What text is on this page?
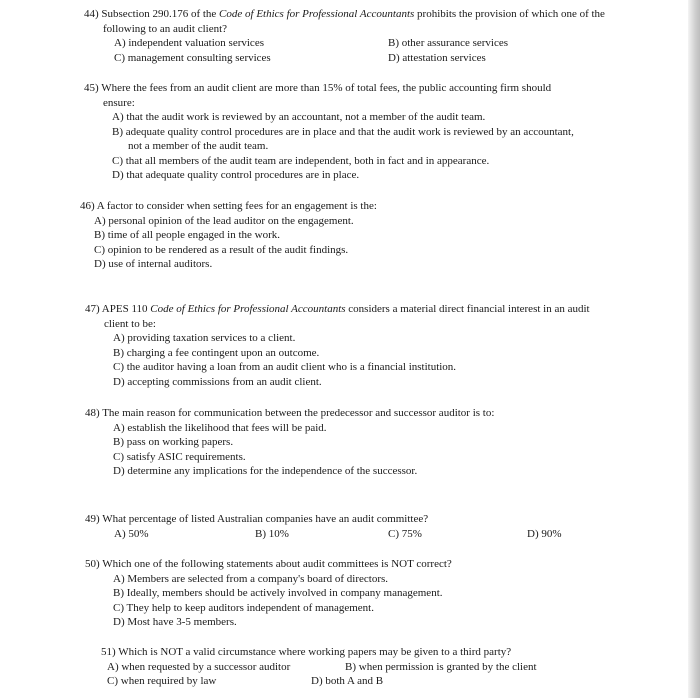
44) Subsection 290.176 of the Code of Ethics for Professional Accountants prohibits the provision of which one of the
following to an audit client?
A) independent valuation services	B) other assurance services
C) management consulting services	D) attestation services
45) Where the fees from an audit client are more than 15% of total fees, the public accounting firm should
ensure:
A) that the audit work is reviewed by an accountant, not a member of the audit team.
B) adequate quality control procedures are in place and that the audit work is reviewed by an accountant,
not a member of the audit team.
C) that all members of the audit team are independent, both in fact and in appearance.
D) that adequate quality control procedures are in place.
46) A factor to consider when setting fees for an engagement is the:
A) personal opinion of the lead auditor on the engagement.
B) time of all people engaged in the work.
C) opinion to be rendered as a result of the audit findings.
D) use of internal auditors.
47) APES 110 Code of Ethics for Professional Accountants considers a material direct financial interest in an audit
client to be:
A) providing taxation services to a client.
B) charging a fee contingent upon an outcome.
C) the auditor having a loan from an audit client who is a financial institution.
D) accepting commissions from an audit client.
48) The main reason for communication between the predecessor and successor auditor is to:
A) establish the likelihood that fees will be paid.
B) pass on working papers.
C) satisfy ASIC requirements.
D) determine any implications for the independence of the successor.
49) What percentage of listed Australian companies have an audit committee?
A) 50%	B) 10%	C) 75%	D) 90%
50) Which one of the following statements about audit committees is NOT correct?
A) Members are selected from a company's board of directors.
B) Ideally, members should be actively involved in company management.
C) They help to keep auditors independent of management.
D) Most have 3-5 members.
51) Which is NOT a valid circumstance where working papers may be given to a third party?
A) when requested by a successor auditor	B) when permission is granted by the client
C) when required by law	D) both A and B
